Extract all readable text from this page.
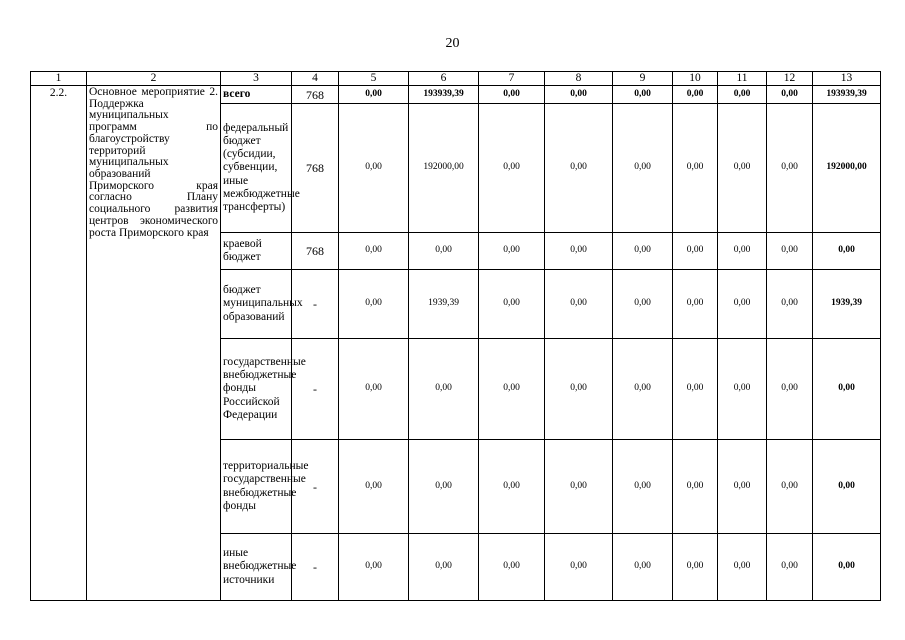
20
1	2	3	4	5	6	7	8	9	10	11	12	13
2.2.	Основное мероприятие 2. Поддержка муниципальных программ по благоустройству территорий муниципальных образований Приморского края согласно Плану социального развития центров экономического роста Приморского края	всего	768	0,00	193939,39	0,00	0,00	0,00	0,00	0,00	0,00	193939,39
		федеральный бюджет (субсидии, субвенции, иные межбюджетные трансферты)	768	0,00	192000,00	0,00	0,00	0,00	0,00	0,00	0,00	192000,00
		краевой бюджет	768	0,00	0,00	0,00	0,00	0,00	0,00	0,00	0,00	0,00
		бюджет муниципальных образований	-	0,00	1939,39	0,00	0,00	0,00	0,00	0,00	0,00	1939,39
		государственные внебюджетные фонды Российской Федерации	-	0,00	0,00	0,00	0,00	0,00	0,00	0,00	0,00	0,00
		территориальные государственные внебюджетные фонды	-	0,00	0,00	0,00	0,00	0,00	0,00	0,00	0,00	0,00
		иные внебюджетные источники	-	0,00	0,00	0,00	0,00	0,00	0,00	0,00	0,00	0,00
